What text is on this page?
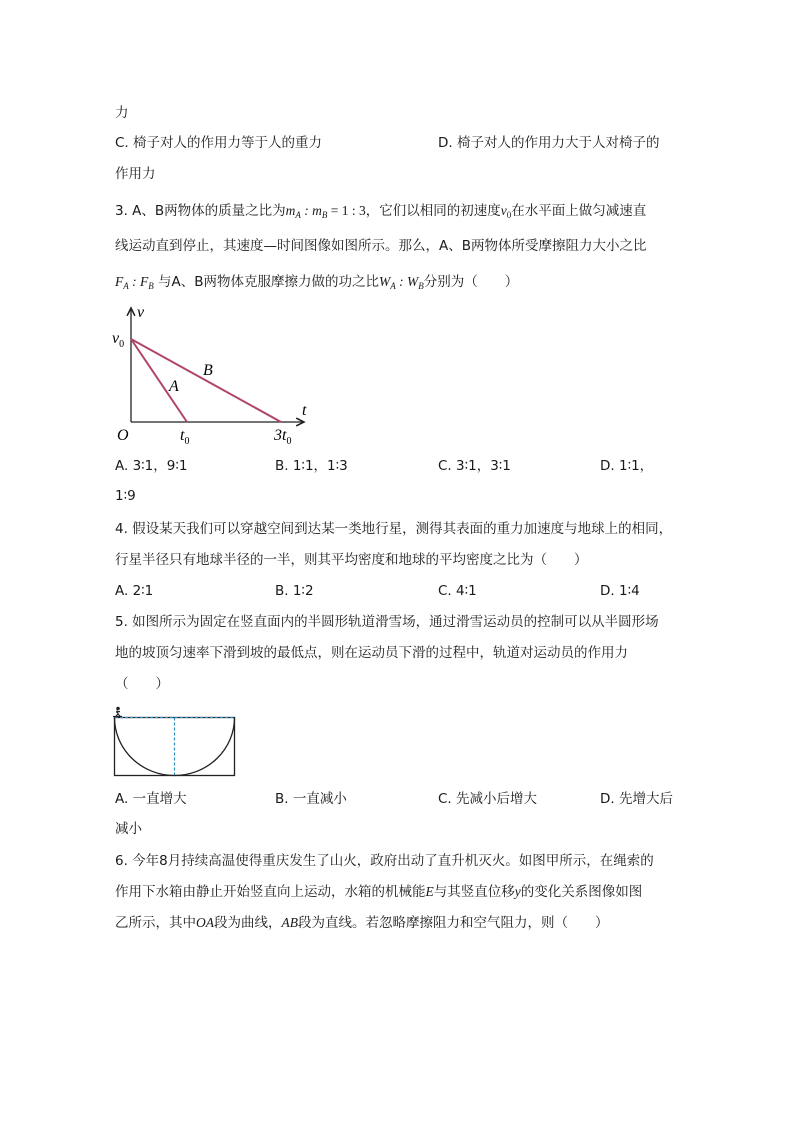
力
C. 椅子对人的作用力等于人的重力	D. 椅子对人的作用力大于人对椅子的
作用力
3. A、B两物体的质量之比为$m_A$ : $m_B = 1$ : 3，它们以相同的初速度$v_0$在水平面上做匀减速直
线运动直到停止，其速度—时间图像如图所示。那么，A、B两物体所受摩擦阻力大小之比
$F_A$ : $F_B$ 与A、B两物体克服摩擦力做的功之比$W_A$ : $W_B$分别为（　　）
v
t
$v_0$
O	$t_0$	$3t_0$
A
B
A. 3∶1，9∶1	B. 1∶1，1∶3	C. 3∶1，3∶1	D. 1∶1，
1∶9
4. 假设某天我们可以穿越空间到达某一类地行星，测得其表面的重力加速度与地球上的相同，
行星半径只有地球半径的一半，则其平均密度和地球的平均密度之比为（　　）
A. 2∶1	B. 1∶2	C. 4∶1	D. 1∶4
5. 如图所示为固定在竖直面内的半圆形轨道滑雪场，通过滑雪运动员的控制可以从半圆形场
地的坡顶匀速率下滑到坡的最低点，则在运动员下滑的过程中，轨道对运动员的作用力
（　　）
A. 一直增大	B. 一直减小	C. 先减小后增大	D. 先增大后
减小
6. 今年8月持续高温使得重庆发生了山火，政府出动了直升机灭火。如图甲所示，在绳索的
作用下水箱由静止开始竖直向上运动，水箱的机械能E与其竖直位移y的变化关系图像如图
乙所示，其中OA段为曲线，AB段为直线。若忽略摩擦阻力和空气阻力，则（　　）
